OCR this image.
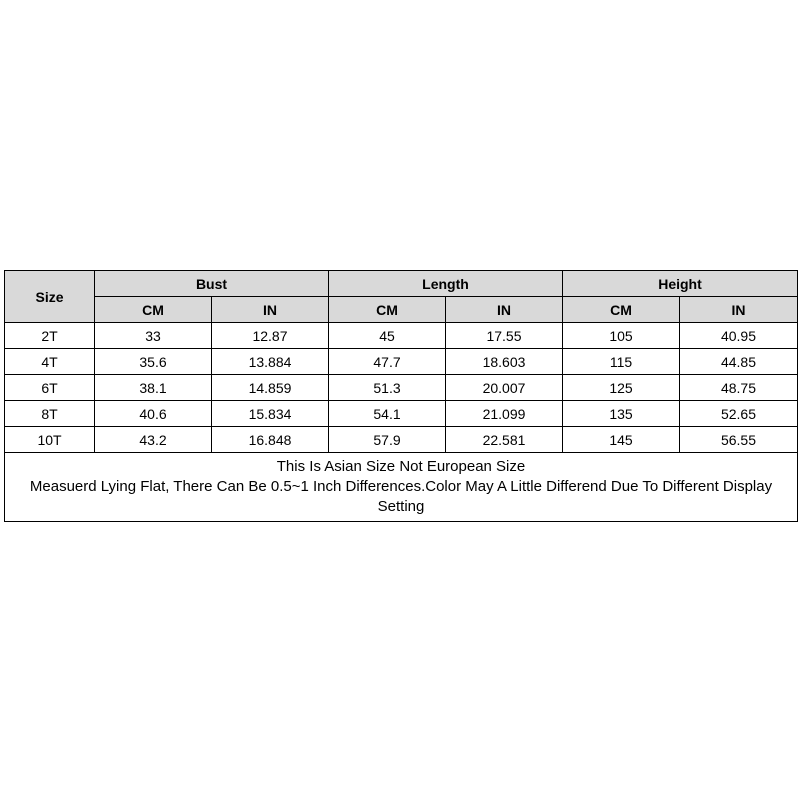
Size	Bust		Length		Height	
	CM	IN	CM	IN	CM	IN
2T	33	12.87	45	17.55	105	40.95
4T	35.6	13.884	47.7	18.603	115	44.85
6T	38.1	14.859	51.3	20.007	125	48.75
8T	40.6	15.834	54.1	21.099	135	52.65
10T	43.2	16.848	57.9	22.581	145	56.55

This Is Asian Size Not European Size
Measuerd Lying Flat, There Can Be 0.5~1 Inch Differences.Color May A Little Differend Due To Different Display Setting						
